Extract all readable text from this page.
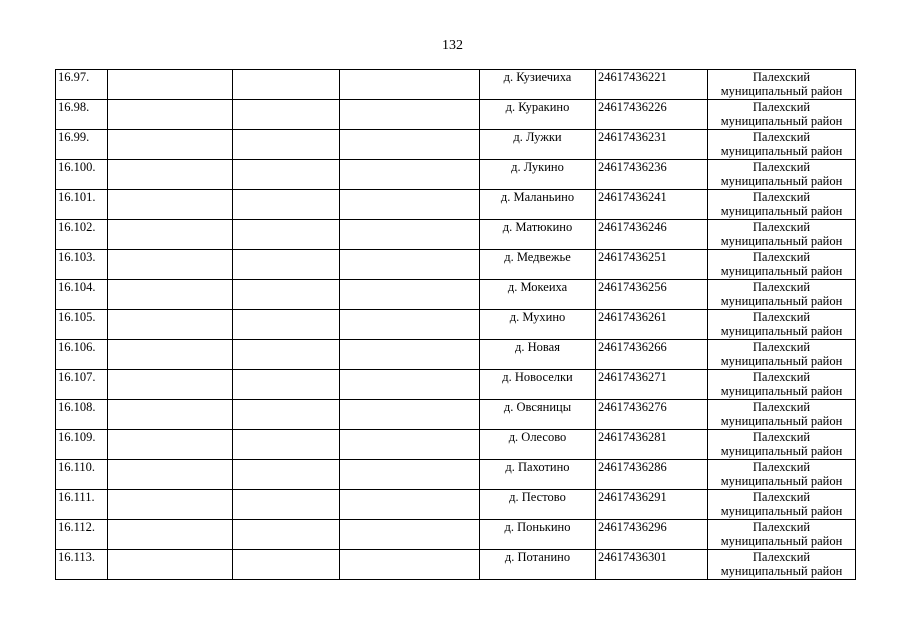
132
16.97.				д. Кузиечиха	24617436221	Палехский
муниципальный район
16.98.				д. Куракино	24617436226	Палехский
муниципальный район
16.99.				д. Лужки	24617436231	Палехский
муниципальный район
16.100.				д. Лукино	24617436236	Палехский
муниципальный район
16.101.				д. Маланьино	24617436241	Палехский
муниципальный район
16.102.				д. Матюкино	24617436246	Палехский
муниципальный район
16.103.				д. Медвежье	24617436251	Палехский
муниципальный район
16.104.				д. Мокеиха	24617436256	Палехский
муниципальный район
16.105.				д. Мухино	24617436261	Палехский
муниципальный район
16.106.				д. Новая	24617436266	Палехский
муниципальный район
16.107.				д. Новоселки	24617436271	Палехский
муниципальный район
16.108.				д. Овсяницы	24617436276	Палехский
муниципальный район
16.109.				д. Олесово	24617436281	Палехский
муниципальный район
16.110.				д. Пахотино	24617436286	Палехский
муниципальный район
16.111.				д. Пестово	24617436291	Палехский
муниципальный район
16.112.				д. Понькино	24617436296	Палехский
муниципальный район
16.113.				д. Потанино	24617436301	Палехский
муниципальный район
